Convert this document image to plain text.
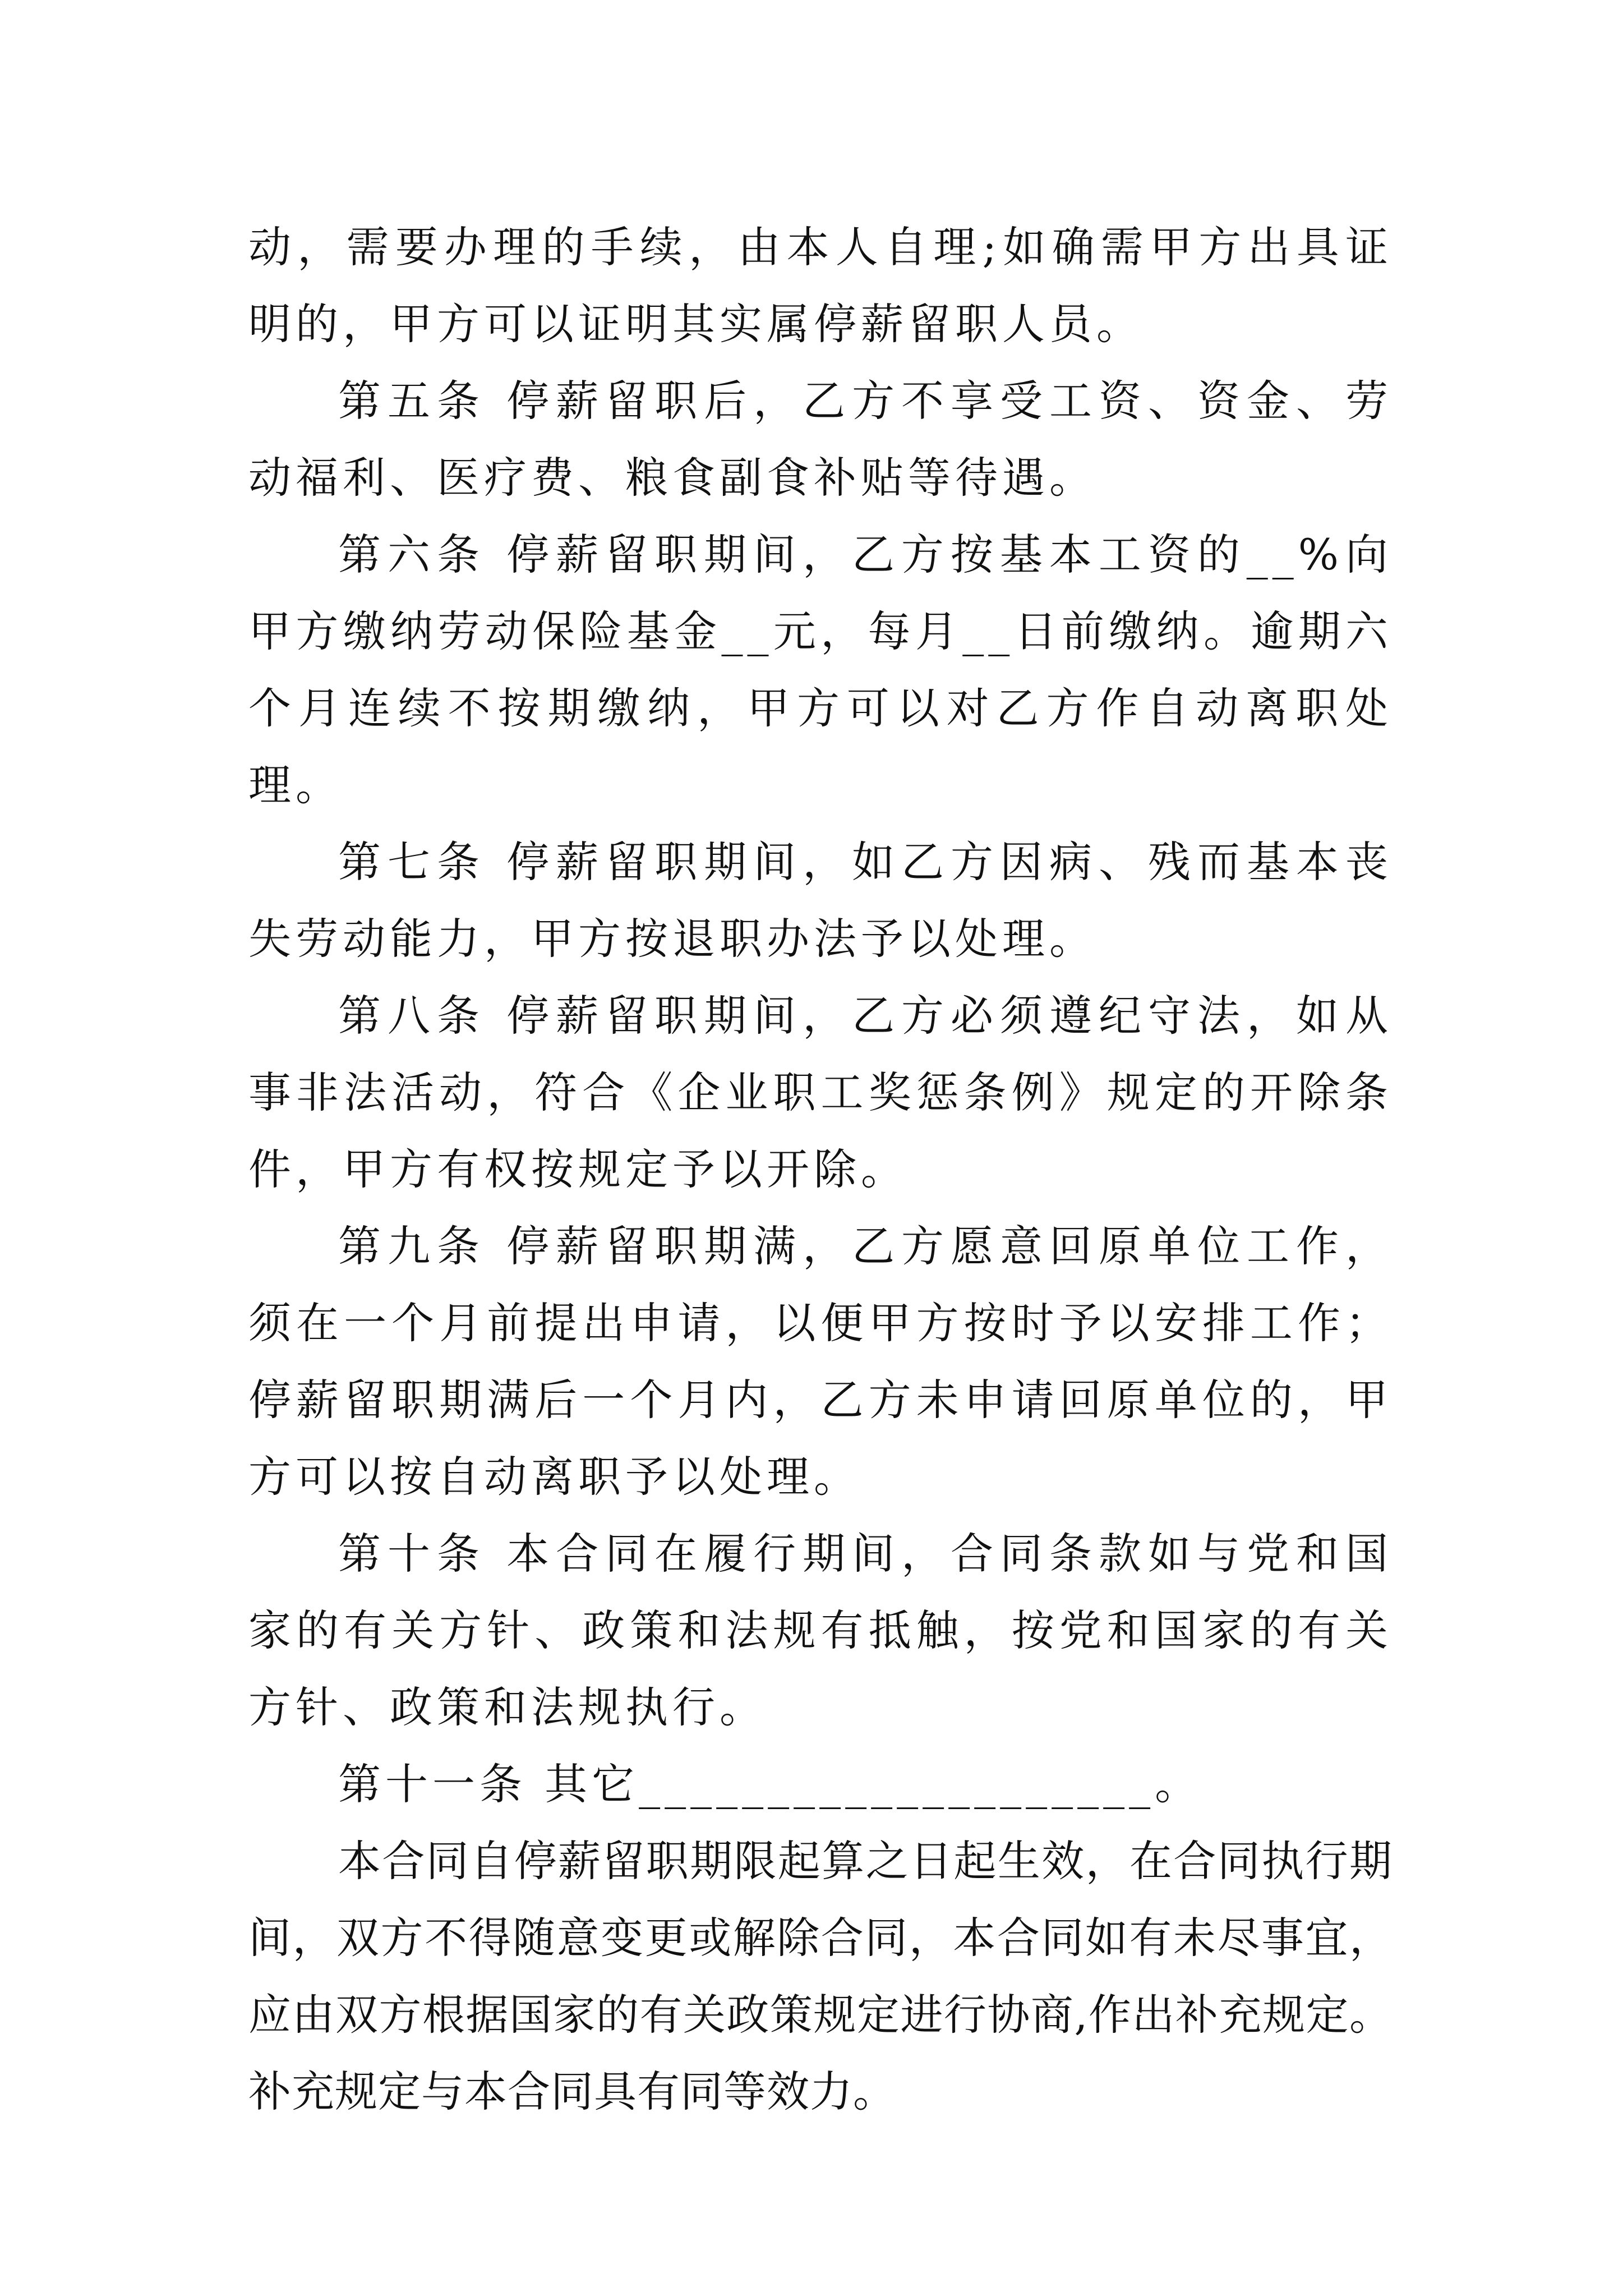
动，需要办理的手续，由本人自理;如确需甲方出具证明的，甲方可以证明其实属停薪留职人员。

第五条 停薪留职后，乙方不享受工资、资金、劳动福利、医疗费、粮食副食补贴等待遇。

第六条 停薪留职期间，乙方按基本工资的__%向甲方缴纳劳动保险基金__元，每月__日前缴纳。逾期六个月连续不按期缴纳，甲方可以对乙方作自动离职处理。

第七条 停薪留职期间，如乙方因病、残而基本丧失劳动能力，甲方按退职办法予以处理。

第八条 停薪留职期间，乙方必须遵纪守法，如从事非法活动，符合《企业职工奖惩条例》规定的开除条件，甲方有权按规定予以开除。

第九条 停薪留职期满，乙方愿意回原单位工作，须在一个月前提出申请，以便甲方按时予以安排工作；停薪留职期满后一个月内，乙方未申请回原单位的，甲方可以按自动离职予以处理。

第十条 本合同在履行期间，合同条款如与党和国家的有关方针、政策和法规有抵触，按党和国家的有关方针、政策和法规执行。

第十一条 其它____________________。

本合同自停薪留职期限起算之日起生效，在合同执行期间，双方不得随意变更或解除合同，本合同如有未尽事宜，应由双方根据国家的有关政策规定进行协商,作出补充规定。补充规定与本合同具有同等效力。
